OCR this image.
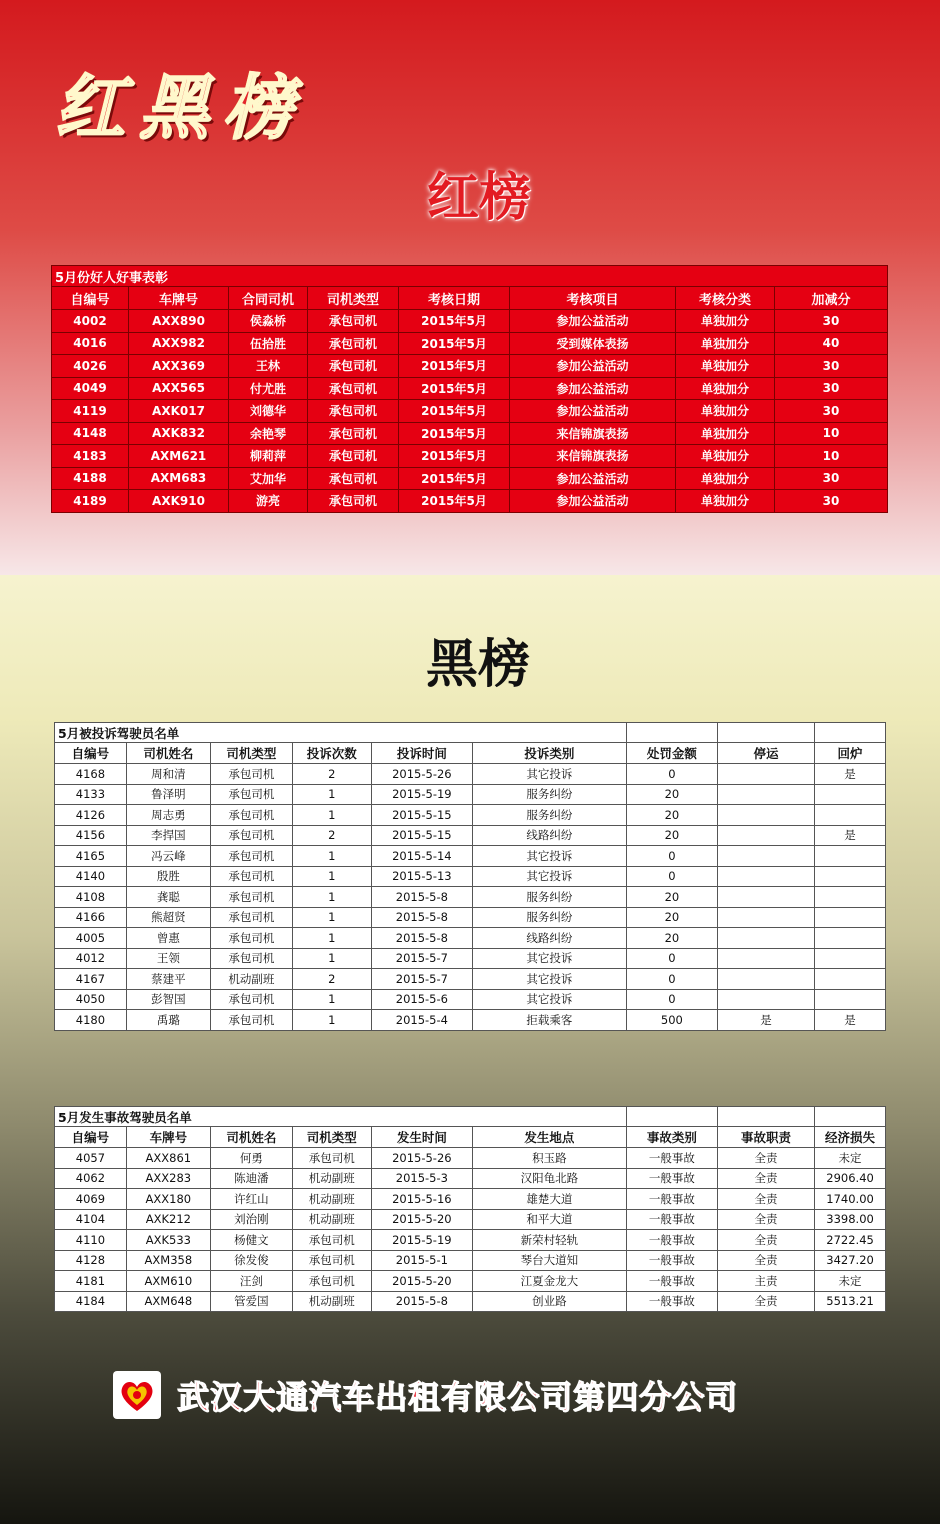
红黑榜
红榜
5月份好人好事表彰							
自编号	车牌号	合同司机	司机类型	考核日期	考核项目	考核分类	加减分
4002	AXX890	侯淼桥	承包司机	2015年5月	参加公益活动	单独加分	30
4016	AXX982	伍拾胜	承包司机	2015年5月	受到媒体表扬	单独加分	40
4026	AXX369	王林	承包司机	2015年5月	参加公益活动	单独加分	30
4049	AXX565	付尤胜	承包司机	2015年5月	参加公益活动	单独加分	30
4119	AXK017	刘德华	承包司机	2015年5月	参加公益活动	单独加分	30
4148	AXK832	余艳琴	承包司机	2015年5月	来信锦旗表扬	单独加分	10
4183	AXM621	柳莉萍	承包司机	2015年5月	来信锦旗表扬	单独加分	10
4188	AXM683	艾加华	承包司机	2015年5月	参加公益活动	单独加分	30
4189	AXK910	游亮	承包司机	2015年5月	参加公益活动	单独加分	30
黑榜
5月被投诉驾驶员名单								
自编号	司机姓名	司机类型	投诉次数	投诉时间	投诉类别	处罚金额	停运	回炉
4168	周和清	承包司机	2	2015-5-26	其它投诉	0		是
4133	鲁泽明	承包司机	1	2015-5-19	服务纠纷	20		
4126	周志勇	承包司机	1	2015-5-15	服务纠纷	20		
4156	李捍国	承包司机	2	2015-5-15	线路纠纷	20		是
4165	冯云峰	承包司机	1	2015-5-14	其它投诉	0		
4140	殷胜	承包司机	1	2015-5-13	其它投诉	0		
4108	龚聪	承包司机	1	2015-5-8	服务纠纷	20		
4166	熊超贤	承包司机	1	2015-5-8	服务纠纷	20		
4005	曾惠	承包司机	1	2015-5-8	线路纠纷	20		
4012	王领	承包司机	1	2015-5-7	其它投诉	0		
4167	蔡建平	机动副班	2	2015-5-7	其它投诉	0		
4050	彭智国	承包司机	1	2015-5-6	其它投诉	0		
4180	禹璐	承包司机	1	2015-5-4	拒载乘客	500	是	是
5月发生事故驾驶员名单								
自编号	车牌号	司机姓名	司机类型	发生时间	发生地点	事故类别	事故职责	经济损失
4057	AXX861	何勇	承包司机	2015-5-26	积玉路	一般事故	全责	未定
4062	AXX283	陈迪潘	机动副班	2015-5-3	汉阳龟北路	一般事故	全责	2906.40
4069	AXX180	许红山	机动副班	2015-5-16	雄楚大道	一般事故	全责	1740.00
4104	AXK212	刘治刚	机动副班	2015-5-20	和平大道	一般事故	全责	3398.00
4110	AXK533	杨健文	承包司机	2015-5-19	新荣村轻轨	一般事故	全责	2722.45
4128	AXM358	徐发俊	承包司机	2015-5-1	琴台大道知	一般事故	全责	3427.20
4181	AXM610	汪剑	承包司机	2015-5-20	江夏金龙大	一般事故	主责	未定
4184	AXM648	管爱国	机动副班	2015-5-8	创业路	一般事故	全责	5513.21
武汉大通汽车出租有限公司第四分公司
